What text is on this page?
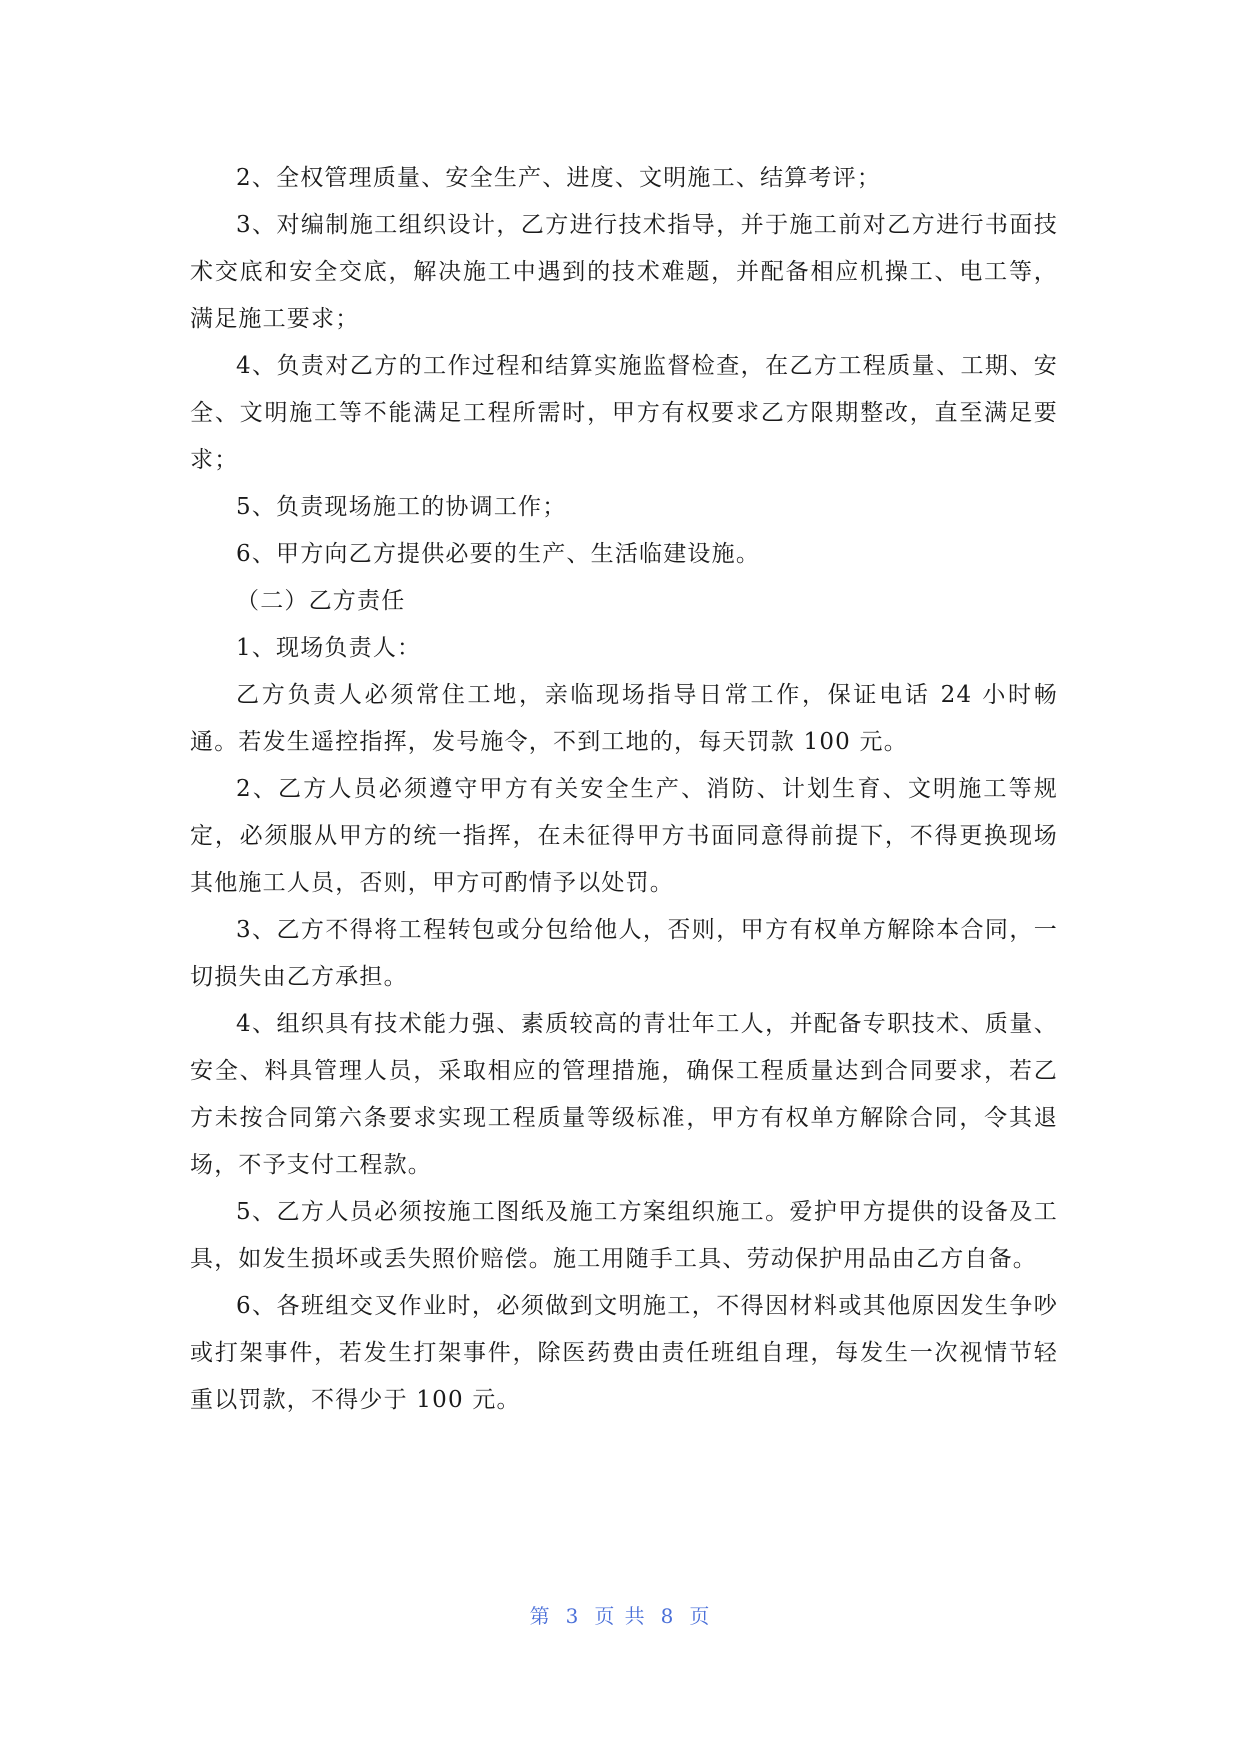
2、全权管理质量、安全生产、进度、文明施工、结算考评；

3、对编制施工组织设计，乙方进行技术指导，并于施工前对乙方进行书面技术交底和安全交底，解决施工中遇到的技术难题，并配备相应机操工、电工等，满足施工要求；

4、负责对乙方的工作过程和结算实施监督检查，在乙方工程质量、工期、安全、文明施工等不能满足工程所需时，甲方有权要求乙方限期整改，直至满足要求；

5、负责现场施工的协调工作；

6、甲方向乙方提供必要的生产、生活临建设施。

（二）乙方责任

1、现场负责人：

乙方负责人必须常住工地，亲临现场指导日常工作，保证电话 24 小时畅通。若发生遥控指挥，发号施令，不到工地的，每天罚款 100 元。

2、乙方人员必须遵守甲方有关安全生产、消防、计划生育、文明施工等规定，必须服从甲方的统一指挥，在未征得甲方书面同意得前提下，不得更换现场其他施工人员，否则，甲方可酌情予以处罚。

3、乙方不得将工程转包或分包给他人，否则，甲方有权单方解除本合同，一切损失由乙方承担。

4、组织具有技术能力强、素质较高的青壮年工人，并配备专职技术、质量、安全、料具管理人员，采取相应的管理措施，确保工程质量达到合同要求，若乙方未按合同第六条要求实现工程质量等级标准，甲方有权单方解除合同，令其退场，不予支付工程款。

5、乙方人员必须按施工图纸及施工方案组织施工。爱护甲方提供的设备及工具，如发生损坏或丢失照价赔偿。施工用随手工具、劳动保护用品由乙方自备。

6、各班组交叉作业时，必须做到文明施工，不得因材料或其他原因发生争吵或打架事件，若发生打架事件，除医药费由责任班组自理，每发生一次视情节轻重以罚款，不得少于 100 元。

第 3 页 共 8 页
